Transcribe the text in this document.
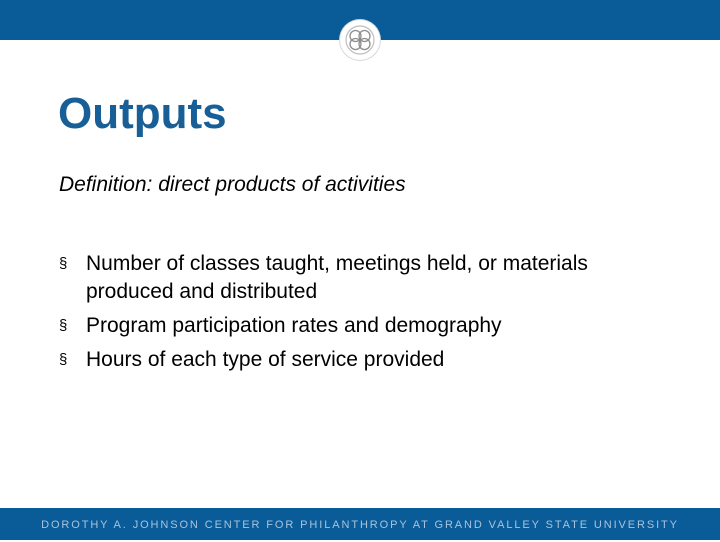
Outputs

Definition: direct products of activities

§ Number of classes taught, meetings held, or materials produced and distributed
§ Program participation rates and demography
§ Hours of each type of service provided
DOROTHY A. JOHNSON CENTER FOR PHILANTHROPY AT GRAND VALLEY STATE UNIVERSITY
